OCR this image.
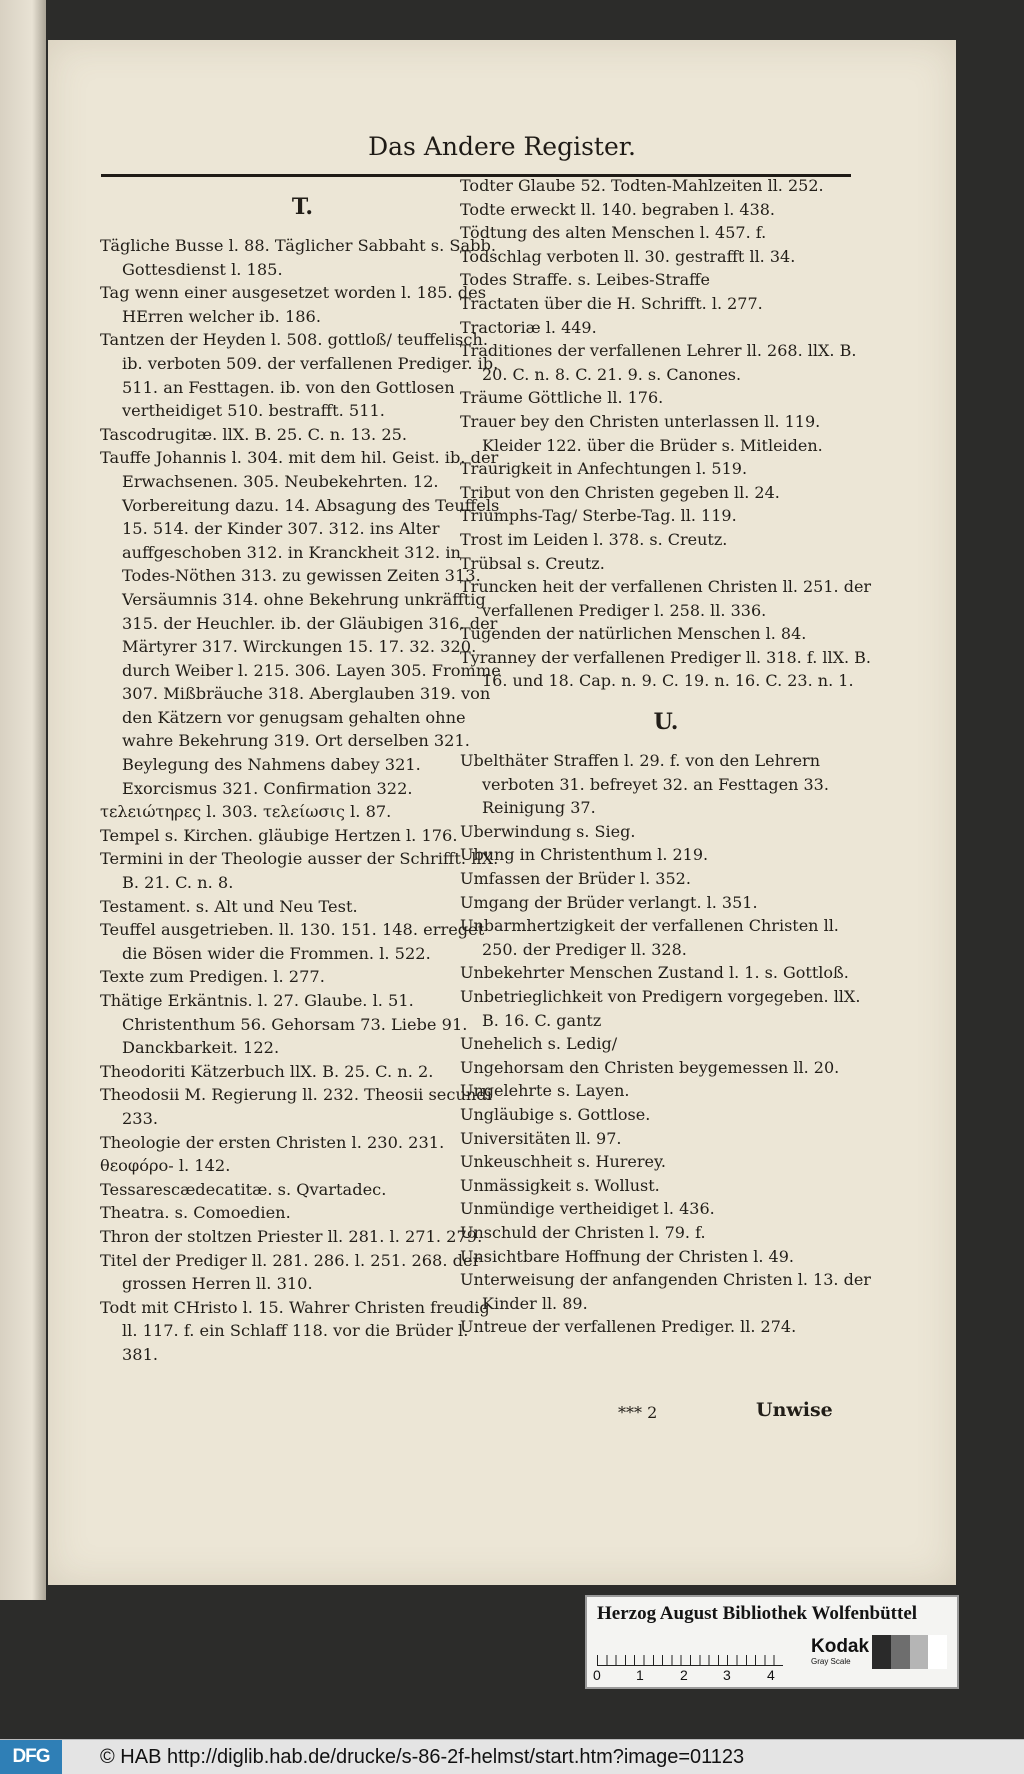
Das Andere Register.
T.

Tägliche Busse l. 88. Täglicher Sabbaht s. Sabb. Gottesdienst l. 185.

Tag wenn einer ausgesetzet worden l. 185. des HErren welcher ib. 186.

Tantzen der Heyden l. 508. gottloß/ teuffelisch. ib. verboten 509. der verfallenen Prediger. ib. 511. an Festtagen. ib. von den Gottlosen vertheidiget 510. bestrafft. 511.

Tascodrugitæ. llX. B. 25. C. n. 13. 25.

Tauffe Johannis l. 304. mit dem hil. Geist. ib. der Erwachsenen. 305. Neubekehrten. 12. Vorbereitung dazu. 14. Absagung des Teuffels 15. 514. der Kinder 307. 312. ins Alter auffgeschoben 312. in Kranckheit 312. in Todes-Nöthen 313. zu gewissen Zeiten 313. Versäumnis 314. ohne Bekehrung unkräfftig 315. der Heuchler. ib. der Gläubigen 316. der Märtyrer 317. Wirckungen 15. 17. 32. 320. durch Weiber l. 215. 306. Layen 305. Fromme 307. Mißbräuche 318. Aberglauben 319. von den Kätzern vor genugsam gehalten ohne wahre Bekehrung 319. Ort derselben 321. Beylegung des Nahmens dabey 321. Exorcismus 321. Confirmation 322.

τελειώτηρες l. 303. τελείωσις l. 87.

Tempel s. Kirchen. gläubige Hertzen l. 176.

Termini in der Theologie ausser der Schrifft. llX. B. 21. C. n. 8.

Testament. s. Alt und Neu Test.

Teuffel ausgetrieben. ll. 130. 151. 148. erreget die Bösen wider die Frommen. l. 522.

Texte zum Predigen. l. 277.

Thätige Erkäntnis. l. 27. Glaube. l. 51. Christenthum 56. Gehorsam 73. Liebe 91. Danckbarkeit. 122.

Theodoriti Kätzerbuch llX. B. 25. C. n. 2.

Theodosii M. Regierung ll. 232. Theosii secundi 233.

Theologie der ersten Christen l. 230. 231.

θεοφόρο- l. 142.

Tessarescædecatitæ. s. Qvartadec.

Theatra. s. Comoedien.

Thron der stoltzen Priester ll. 281. l. 271. 279.

Titel der Prediger ll. 281. 286. l. 251. 268. der grossen Herren ll. 310.

Todt mit CHristo l. 15. Wahrer Christen freudig ll. 117. f. ein Schlaff 118. vor die Brüder l. 381.

Todter Glaube 52. Todten-Mahlzeiten ll. 252.

Todte erweckt ll. 140. begraben l. 438.

Tödtung des alten Menschen l. 457. f.

Todschlag verboten ll. 30. gestrafft ll. 34.

Todes Straffe. s. Leibes-Straffe

Tractaten über die H. Schrifft. l. 277.

Tractoriæ l. 449.

Traditiones der verfallenen Lehrer ll. 268. llX. B. 20. C. n. 8. C. 21. 9. s. Canones.

Träume Göttliche ll. 176.

Trauer bey den Christen unterlassen ll. 119. Kleider 122. über die Brüder s. Mitleiden.

Traurigkeit in Anfechtungen l. 519.

Tribut von den Christen gegeben ll. 24.

Triumphs-Tag/ Sterbe-Tag. ll. 119.

Trost im Leiden l. 378. s. Creutz.

Trübsal s. Creutz.

Truncken heit der verfallenen Christen ll. 251. der verfallenen Prediger l. 258. ll. 336.

Tugenden der natürlichen Menschen l. 84.

Tyranney der verfallenen Prediger ll. 318. f. llX. B. 16. und 18. Cap. n. 9. C. 19. n. 16. C. 23. n. 1.

U.

Ubelthäter Straffen l. 29. f. von den Lehrern verboten 31. befreyet 32. an Festtagen 33. Reinigung 37.

Uberwindung s. Sieg.

Ubung in Christenthum l. 219.

Umfassen der Brüder l. 352.

Umgang der Brüder verlangt. l. 351.

Unbarmhertzigkeit der verfallenen Christen ll. 250. der Prediger ll. 328.

Unbekehrter Menschen Zustand l. 1. s. Gottloß.

Unbetrieglichkeit von Predigern vorgegeben. llX. B. 16. C. gantz

Unehelich s. Ledig/

Ungehorsam den Christen beygemessen ll. 20.

Ungelehrte s. Layen.

Ungläubige s. Gottlose.

Universitäten ll. 97.

Unkeuschheit s. Hurerey.

Unmässigkeit s. Wollust.

Unmündige vertheidiget l. 436.

Unschuld der Christen l. 79. f.

Unsichtbare Hoffnung der Christen l. 49.

Unterweisung der anfangenden Christen l. 13. der Kinder ll. 89.

Untreue der verfallenen Prediger. ll. 274.

*** 2	Unwise
Herzog August Bibliothek Wolfenbüttel
0	1	2	3	4
Kodak
Gray Scale
DFG	© HAB http://diglib.hab.de/drucke/s-86-2f-helmst/start.htm?image=01123
